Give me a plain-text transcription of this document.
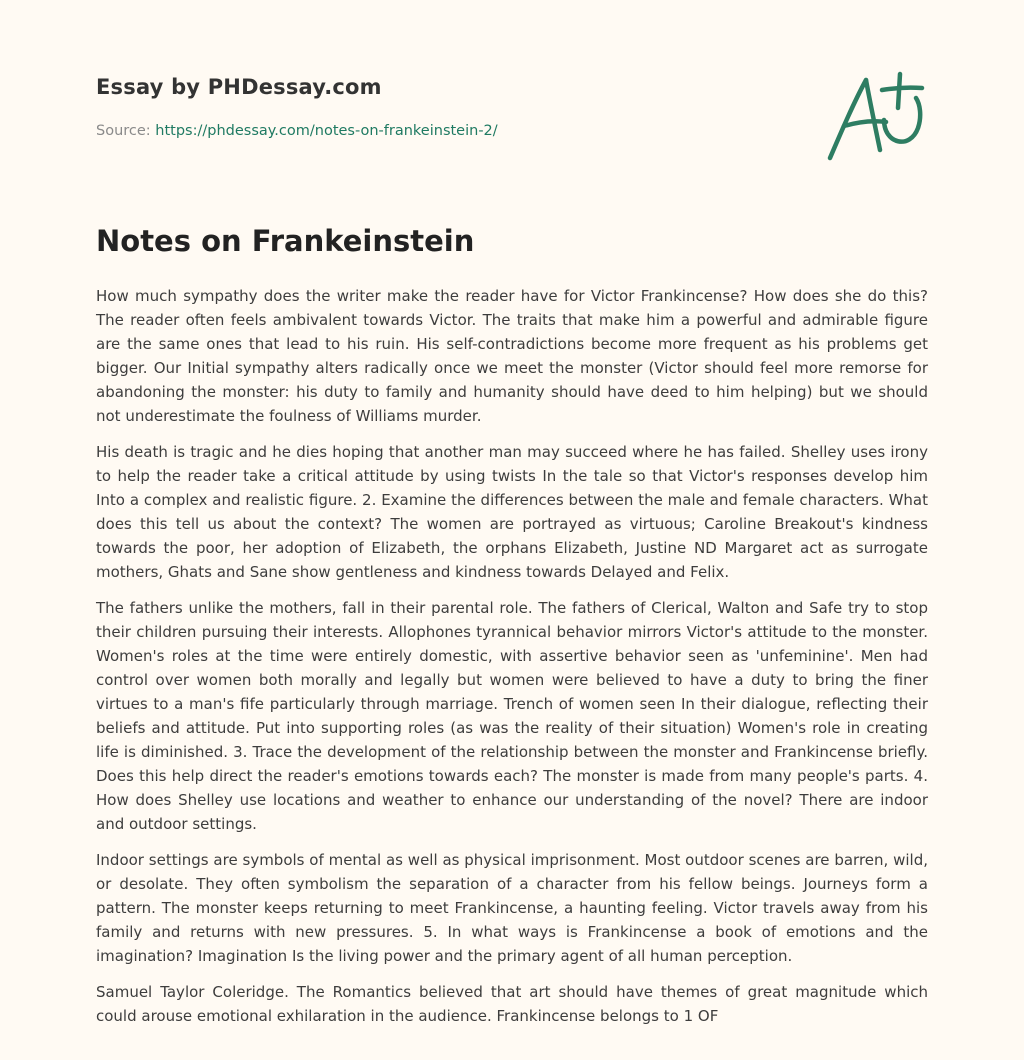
Essay by PHDessay.com

Source: https://phdessay.com/notes-on-frankeinstein-2/

Notes on Frankeinstein

How much sympathy does the writer make the reader have for Victor Frankincense? How does she do this? The reader often feels ambivalent towards Victor. The traits that make him a powerful and admirable figure are the same ones that lead to his ruin. His self-contradictions become more frequent as his problems get bigger. Our Initial sympathy alters radically once we meet the monster (Victor should feel more remorse for abandoning the monster: his duty to family and humanity should have deed to him helping) but we should not underestimate the foulness of Williams murder.

His death is tragic and he dies hoping that another man may succeed where he has failed. Shelley uses irony to help the reader take a critical attitude by using twists In the tale so that Victor's responses develop him Into a complex and realistic figure. 2. Examine the differences between the male and female characters. What does this tell us about the context? The women are portrayed as virtuous; Caroline Breakout's kindness towards the poor, her adoption of Elizabeth, the orphans Elizabeth, Justine ND Margaret act as surrogate mothers, Ghats and Sane show gentleness and kindness towards Delayed and Felix.

The fathers unlike the mothers, fall in their parental role. The fathers of Clerical, Walton and Safe try to stop their children pursuing their interests. Allophones tyrannical behavior mirrors Victor's attitude to the monster. Women's roles at the time were entirely domestic, with assertive behavior seen as 'unfeminine'. Men had control over women both morally and legally but women were believed to have a duty to bring the finer virtues to a man's fife particularly through marriage. Trench of women seen In their dialogue, reflecting their beliefs and attitude. Put into supporting roles (as was the reality of their situation) Women's role in creating life is diminished. 3. Trace the development of the relationship between the monster and Frankincense briefly. Does this help direct the reader's emotions towards each? The monster is made from many people's parts. 4. How does Shelley use locations and weather to enhance our understanding of the novel? There are indoor and outdoor settings.

Indoor settings are symbols of mental as well as physical imprisonment. Most outdoor scenes are barren, wild, or desolate. They often symbolism the separation of a character from his fellow beings. Journeys form a pattern. The monster keeps returning to meet Frankincense, a haunting feeling. Victor travels away from his family and returns with new pressures. 5. In what ways is Frankincense a book of emotions and the imagination? Imagination Is the living power and the primary agent of all human perception.

Samuel Taylor Coleridge. The Romantics believed that art should have themes of great magnitude which could arouse emotional exhilaration in the audience. Frankincense belongs to 1 OF
